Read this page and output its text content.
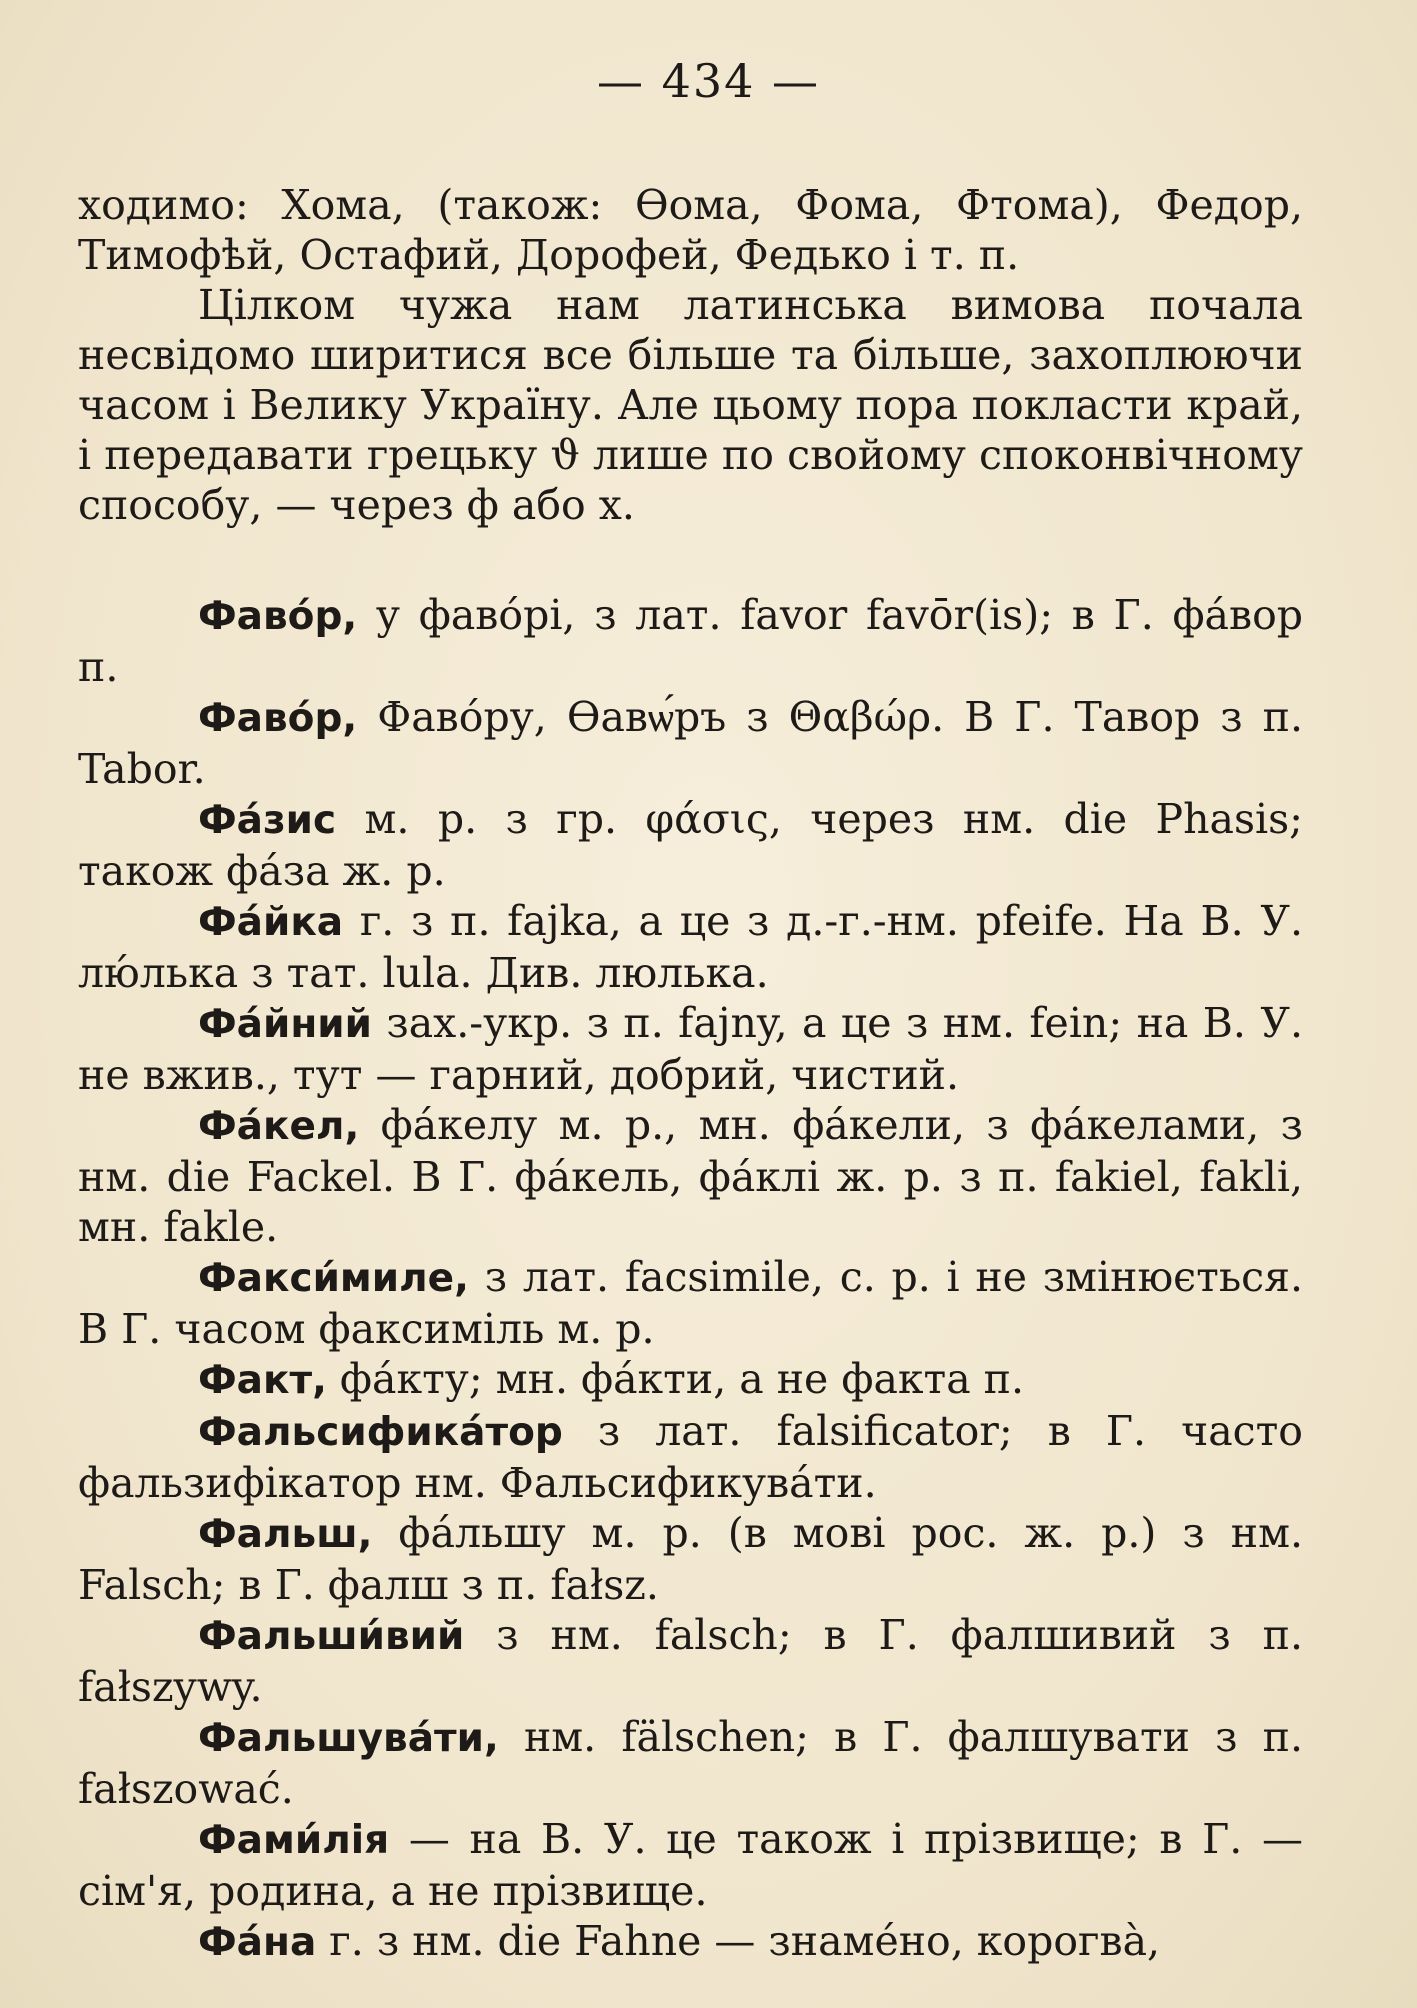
— 434 —

ходимо: Хома, (також: Өома, Фома, Фтома), Федор, Тимофѣй, Остафий, Дорофей, Федько і т. п.

Цілком чужа нам латинська вимова почала несвідомо ширитися все більше та більше, захоплюючи часом і Велику Україну. Але цьому пора покласти край, і передавати грецьку ϑ лише по свойому споконвічному способу, — через ф або х.

Фавóр, у фавóрі, з лат. favor favōr(is); в Г. фáвор п.

Фавóр, Фавóру, Өавѡ́ръ з Θαβώρ. В Г. Тавор з п. Tabor.

Фáзис м. р. з гр. φάσις, через нм. die Phasis; також фáза ж. р.

Фáйка г. з п. fajka, а це з д.-г.-нм. pfeife. На В. У. лю́лька з тат. lula. Див. люлька.

Фáйний зах.-укр. з п. fajny, а це з нм. fein; на В. У. не вжив., тут — гарний, добрий, чистий.

Фáкел, фáкелу м. р., мн. фáкели, з фáкелами, з нм. die Fackel. В Г. фáкель, фáклі ж. р. з п. fakiel, fakli, мн. fakle.

Факси́миле, з лат. facsimile, с. р. і не змінюється. В Г. часом факсиміль м. р.

Факт, фáкту; мн. фáкти, а не факта п.

Фальсификáтор з лат. falsificator; в Г. часто фальзифікатор нм. Фальсификувáти.

Фальш, фáльшу м. р. (в мові рос. ж. р.) з нм. Falsch; в Г. фалш з п. fałsz.

Фальши́вий з нм. falsch; в Г. фалшивий з п. fałszywy.

Фальшувáти, нм. fälschen; в Г. фалшувати з п. fałszować.

Фами́лія — на В. У. це також і прізвище; в Г. — сім'я, родина, а не прізвище.

Фáна г. з нм. die Fahne — знамéно, корогвà,
